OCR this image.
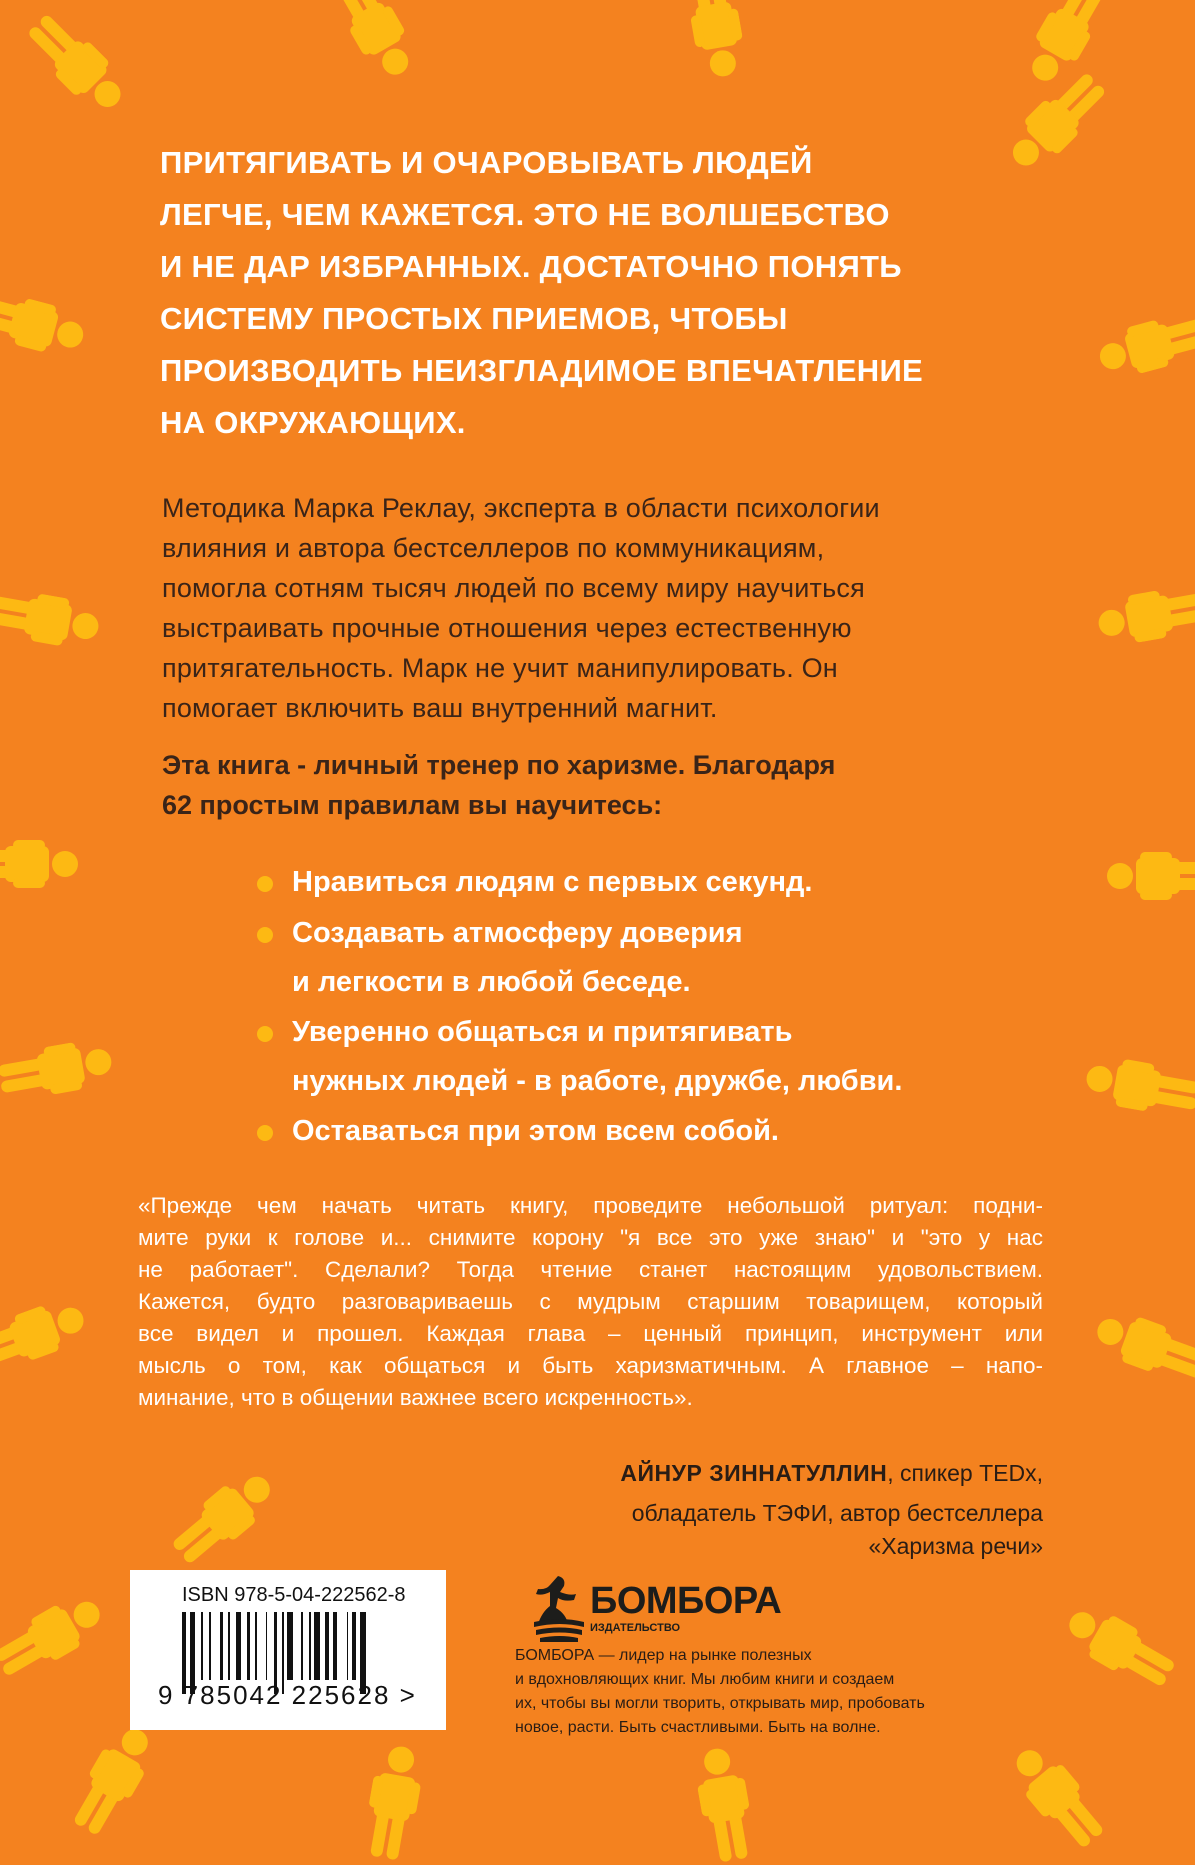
ПРИТЯГИВАТЬ И ОЧАРОВЫВАТЬ ЛЮДЕЙ
ЛЕГЧЕ, ЧЕМ КАЖЕТСЯ. ЭТО НЕ ВОЛШЕБСТВО
И НЕ ДАР ИЗБРАННЫХ. ДОСТАТОЧНО ПОНЯТЬ
СИСТЕМУ ПРОСТЫХ ПРИЕМОВ, ЧТОБЫ
ПРОИЗВОДИТЬ НЕИЗГЛАДИМОЕ ВПЕЧАТЛЕНИЕ
НА ОКРУЖАЮЩИХ.
Методика Марка Реклау, эксперта в области психологии
влияния и автора бестселлеров по коммуникациям,
помогла сотням тысяч людей по всему миру научиться
выстраивать прочные отношения через естественную
притягательность. Марк не учит манипулировать. Он
помогает включить ваш внутренний магнит.
Эта книга - личный тренер по харизме. Благодаря
62 простым правилам вы научитесь:
Нравиться людям с первых секунд.
Создавать атмосферу доверия
и легкости в любой беседе.
Уверенно общаться и притягивать
нужных людей - в работе, дружбе, любви.
Оставаться при этом всем собой.
«Прежде чем начать читать книгу, проведите небольшой ритуал: подни-
мите руки к голове и... снимите корону "я все это уже знаю" и "это у нас
не работает". Сделали? Тогда чтение станет настоящим удовольствием.
Кажется, будто разговариваешь с мудрым старшим товарищем, который
все видел и прошел. Каждая глава – ценный принцип, инструмент или
мысль о том, как общаться и быть харизматичным. А главное – напо-
минание, что в общении важнее всего искренность».
АЙНУР ЗИННАТУЛЛИН, спикер TEDx,
обладатель ТЭФИ, автор бестселлера
«Харизма речи»
ISBN 978-5-04-222562-8
9 785042 225628 >
БОМБОРА
ИЗДАТЕЛЬСТВО
БОМБОРА — лидер на рынке полезных
и вдохновляющих книг. Мы любим книги и создаем
их, чтобы вы могли творить, открывать мир, пробовать
новое, расти. Быть счастливыми. Быть на волне.
